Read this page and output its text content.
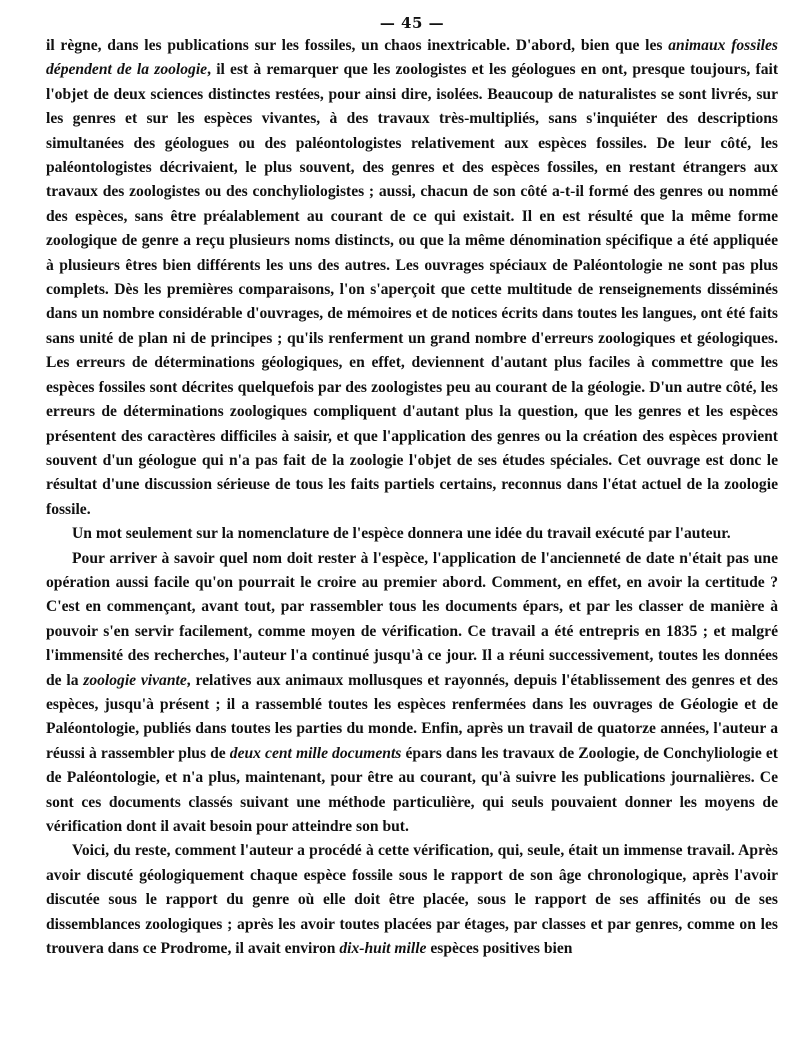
— 45 —

il règne, dans les publications sur les fossiles, un chaos inextricable. D'abord, bien que les animaux fossiles dépendent de la zoologie, il est à remarquer que les zoologistes et les géologues en ont, presque toujours, fait l'objet de deux sciences distinctes restées, pour ainsi dire, isolées. Beaucoup de naturalistes se sont livrés, sur les genres et sur les espèces vivantes, à des travaux très-multipliés, sans s'inquiéter des descriptions simultanées des géologues ou des paléontologistes relativement aux espèces fossiles. De leur côté, les paléontologistes décrivaient, le plus souvent, des genres et des espèces fossiles, en restant étrangers aux travaux des zoologistes ou des conchyliologistes ; aussi, chacun de son côté a-t-il formé des genres ou nommé des espèces, sans être préalablement au courant de ce qui existait. Il en est résulté que la même forme zoologique de genre a reçu plusieurs noms distincts, ou que la même dénomination spécifique a été appliquée à plusieurs êtres bien différents les uns des autres. Les ouvrages spéciaux de Paléontologie ne sont pas plus complets. Dès les premières comparaisons, l'on s'aperçoit que cette multitude de renseignements disséminés dans un nombre considérable d'ouvrages, de mémoires et de notices écrits dans toutes les langues, ont été faits sans unité de plan ni de principes ; qu'ils renferment un grand nombre d'erreurs zoologiques et géologiques. Les erreurs de déterminations géologiques, en effet, deviennent d'autant plus faciles à commettre que les espèces fossiles sont décrites quelquefois par des zoologistes peu au courant de la géologie. D'un autre côté, les erreurs de déterminations zoologiques compliquent d'autant plus la question, que les genres et les espèces présentent des caractères difficiles à saisir, et que l'application des genres ou la création des espèces provient souvent d'un géologue qui n'a pas fait de la zoologie l'objet de ses études spéciales. Cet ouvrage est donc le résultat d'une discussion sérieuse de tous les faits partiels certains, reconnus dans l'état actuel de la zoologie fossile.

Un mot seulement sur la nomenclature de l'espèce donnera une idée du travail exécuté par l'auteur.

Pour arriver à savoir quel nom doit rester à l'espèce, l'application de l'ancienneté de date n'était pas une opération aussi facile qu'on pourrait le croire au premier abord. Comment, en effet, en avoir la certitude ? C'est en commençant, avant tout, par rassembler tous les documents épars, et par les classer de manière à pouvoir s'en servir facilement, comme moyen de vérification. Ce travail a été entrepris en 1835 ; et malgré l'immensité des recherches, l'auteur l'a continué jusqu'à ce jour. Il a réuni successivement, toutes les données de la zoologie vivante, relatives aux animaux mollusques et rayonnés, depuis l'établissement des genres et des espèces, jusqu'à présent ; il a rassemblé toutes les espèces renfermées dans les ouvrages de Géologie et de Paléontologie, publiés dans toutes les parties du monde. Enfin, après un travail de quatorze années, l'auteur a réussi à rassembler plus de deux cent mille documents épars dans les travaux de Zoologie, de Conchyliologie et de Paléontologie, et n'a plus, maintenant, pour être au courant, qu'à suivre les publications journalières. Ce sont ces documents classés suivant une méthode particulière, qui seuls pouvaient donner les moyens de vérification dont il avait besoin pour atteindre son but.

Voici, du reste, comment l'auteur a procédé à cette vérification, qui, seule, était un immense travail. Après avoir discuté géologiquement chaque espèce fossile sous le rapport de son âge chronologique, après l'avoir discutée sous le rapport du genre où elle doit être placée, sous le rapport de ses affinités ou de ses dissemblances zoologiques ; après les avoir toutes placées par étages, par classes et par genres, comme on les trouvera dans ce Prodrome, il avait environ dix-huit mille espèces positives bien
